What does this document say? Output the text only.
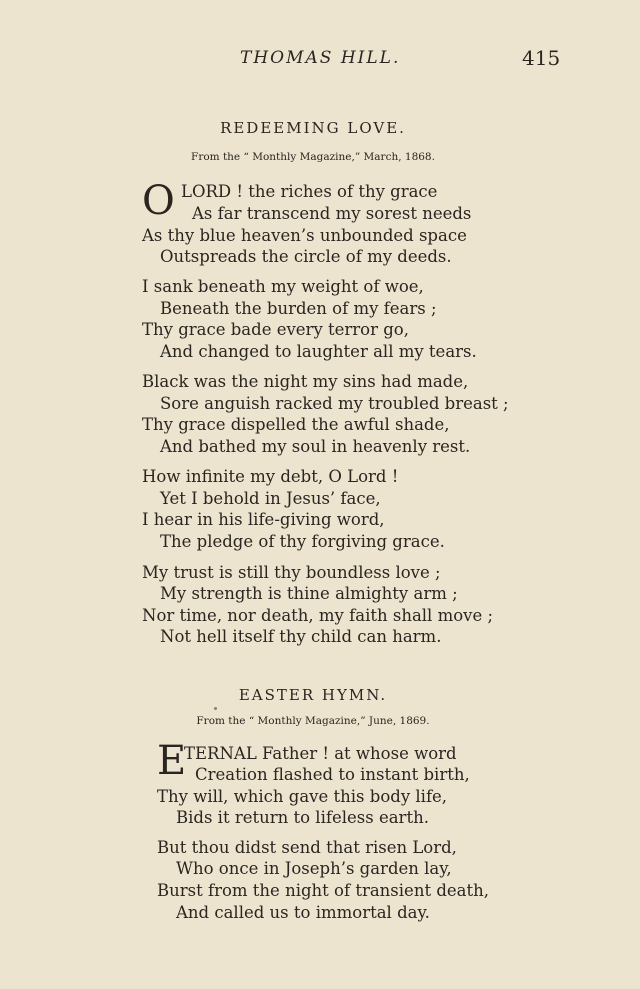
THOMAS HILL.	415
REDEEMING LOVE.
From the “ Monthly Magazine,” March, 1868.
O LORD ! the riches of thy grace
As far transcend my sorest needs
As thy blue heaven’s unbounded space
Outspreads the circle of my deeds.
I sank beneath my weight of woe,
Beneath the burden of my fears ;
Thy grace bade every terror go,
And changed to laughter all my tears.
Black was the night my sins had made,
Sore anguish racked my troubled breast ;
Thy grace dispelled the awful shade,
And bathed my soul in heavenly rest.
How infinite my debt, O Lord !
Yet I behold in Jesus’ face,
I hear in his life-giving word,
The pledge of thy forgiving grace.
My trust is still thy boundless love ;
My strength is thine almighty arm ;
Nor time, nor death, my faith shall move ;
Not hell itself thy child can harm.
EASTER HYMN.
From the “ Monthly Magazine,” June, 1869.
E
TERNAL Father ! at whose word
Creation flashed to instant birth,
Thy will, which gave this body life,
Bids it return to lifeless earth.
But thou didst send that risen Lord,
Who once in Joseph’s garden lay,
Burst from the night of transient death,
And called us to immortal day.
